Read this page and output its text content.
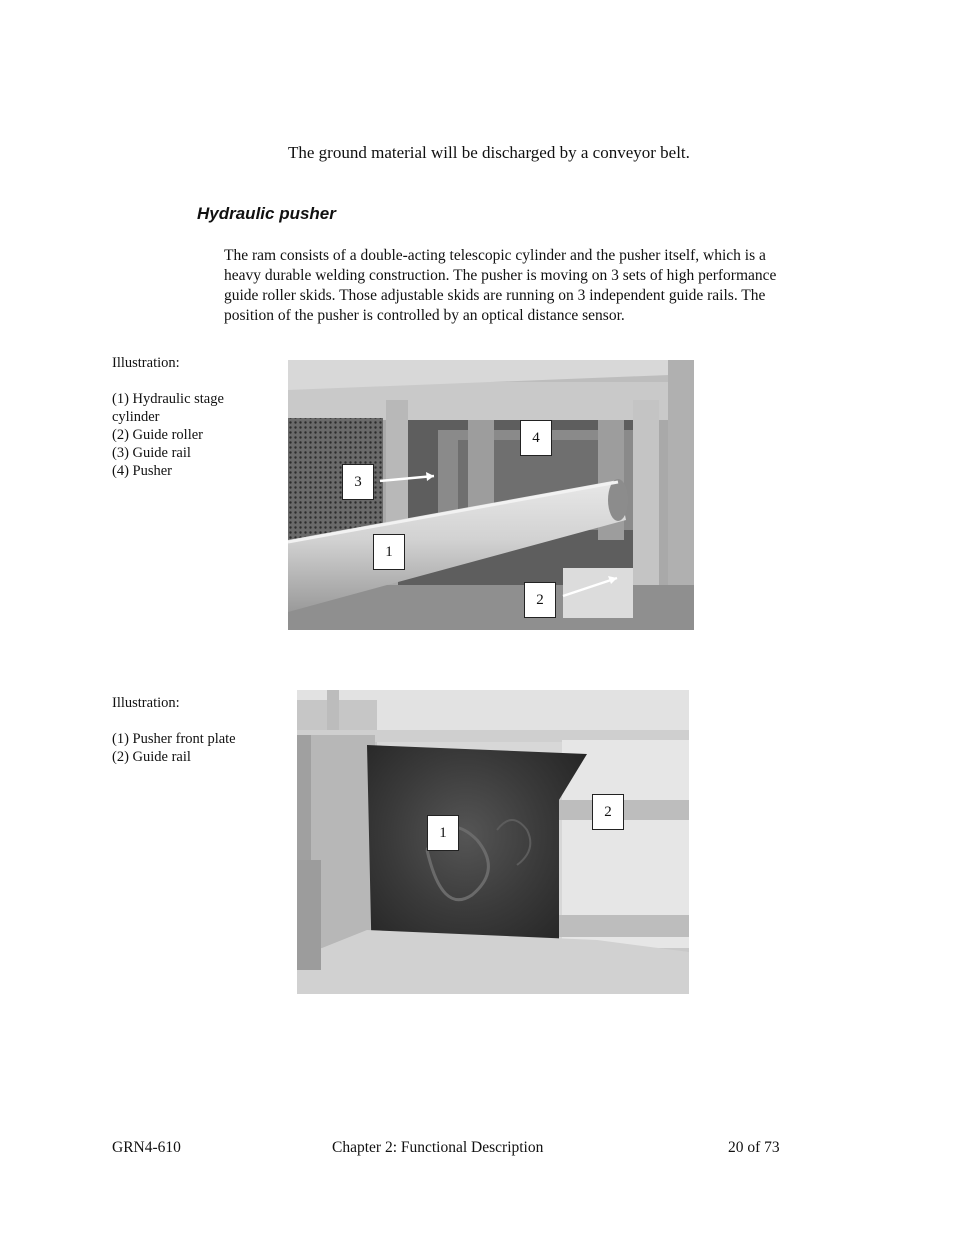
The ground material will be discharged by a conveyor belt.
Hydraulic pusher
The ram consists of a double-acting telescopic cylinder and the pusher itself, which is a
heavy durable welding construction. The pusher is moving on 3 sets of high performance
guide roller skids. Those adjustable skids are running on 3 independent guide rails. The
position of the pusher is controlled by an optical distance sensor.
Illustration:
(1) Hydraulic stage
cylinder
(2) Guide roller
(3) Guide rail
(4) Pusher
4
3
1
2
Illustration:
(1) Pusher front plate
(2) Guide rail
2
1
GRN4-610	Chapter 2: Functional Description	20 of 73
